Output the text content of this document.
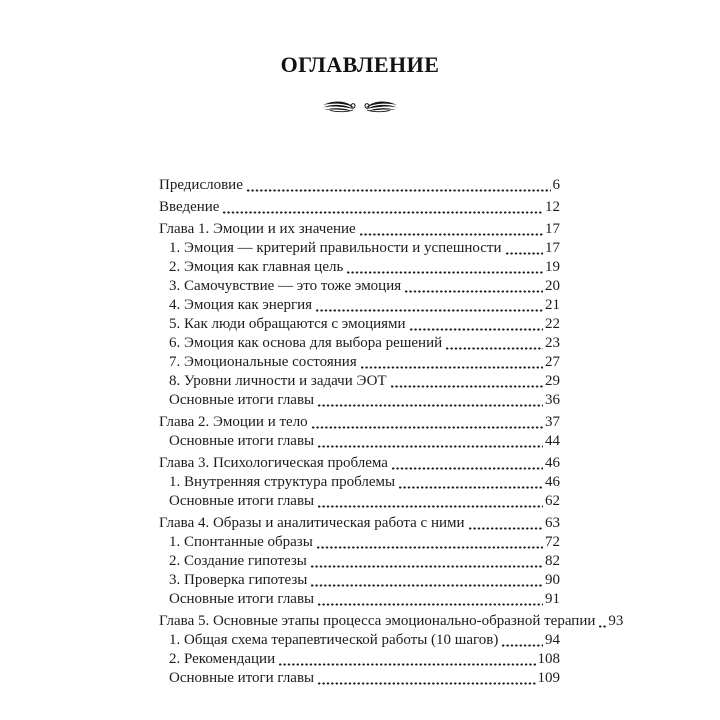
ОГЛАВЛЕНИЕ
Предисловие	6
Введение	12
Глава 1. Эмоции и их значение	17
1. Эмоция — критерий правильности и успешности	17
2. Эмоция как главная цель	19
3. Самочувствие — это тоже эмоция	20
4. Эмоция как энергия	21
5. Как люди обращаются с эмоциями	22
6. Эмоция как основа для выбора решений	23
7. Эмоциональные состояния	27
8. Уровни личности и задачи ЭОТ	29
Основные итоги главы	36
Глава 2. Эмоции и тело	37
Основные итоги главы	44
Глава 3. Психологическая проблема	46
1. Внутренняя структура проблемы	46
Основные итоги главы	62
Глава 4. Образы и аналитическая работа с ними	63
1. Спонтанные образы	72
2. Создание гипотезы	82
3. Проверка гипотезы	90
Основные итоги главы	91
Глава 5. Основные этапы процесса эмоционально-образной терапии 93
1. Общая схема терапевтической работы (10 шагов)	94
2. Рекомендации	108
Основные итоги главы	109
